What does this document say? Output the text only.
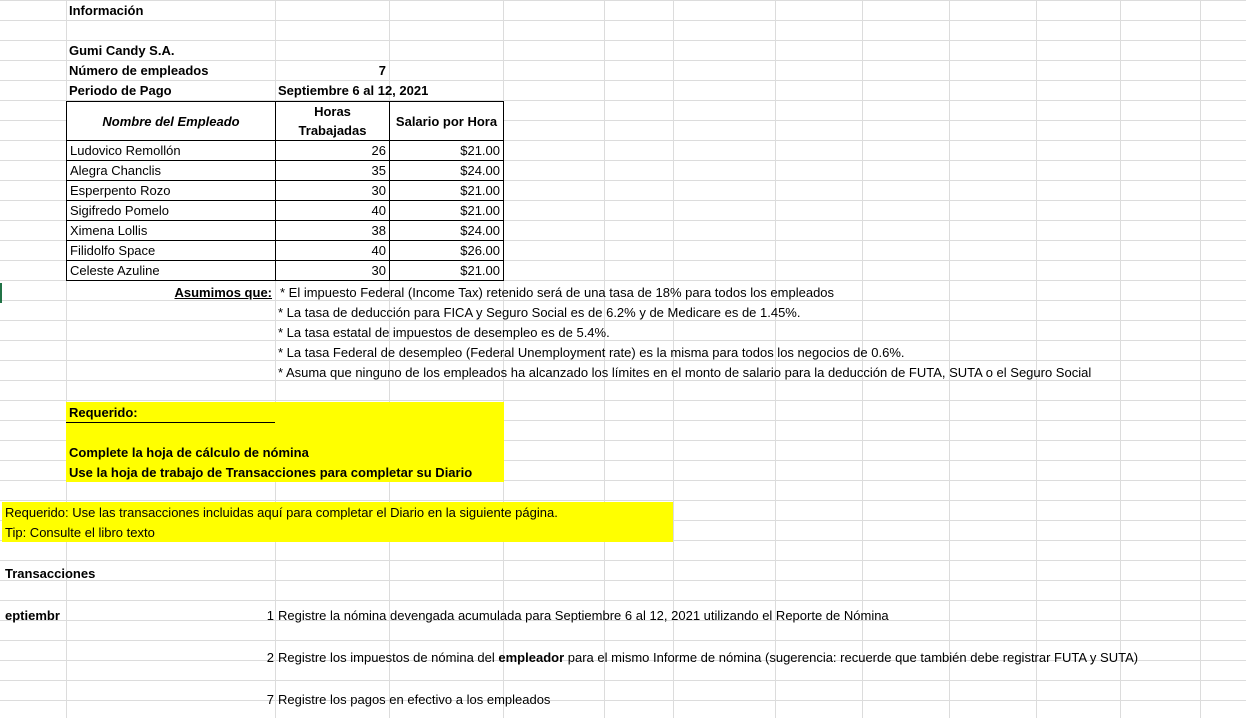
Información
Gumi Candy S.A.
Número de empleados	7
Periodo de Pago	Septiembre 6 al 12, 2021
Nombre del Empleado	Horas Trabajadas	Salario por Hora
Ludovico Remollón	26	$21.00
Alegra Chanclis	35	$24.00
Esperpento Rozo	30	$21.00
Sigifredo Pomelo	40	$21.00
Ximena Lollis	38	$24.00
Filidolfo Space	40	$26.00
Celeste Azuline	30	$21.00
Asumimos que: * El impuesto Federal (Income Tax) retenido será de una tasa de 18% para todos los empleados
* La tasa de deducción para FICA y Seguro Social es de 6.2% y de Medicare es de 1.45%.
* La tasa estatal de impuestos de desempleo es de 5.4%.
* La tasa Federal de desempleo (Federal Unemployment rate) es la misma para todos los negocios de 0.6%.
* Asuma que ninguno de los empleados ha alcanzado los límites en el monto de salario para la deducción de FUTA, SUTA o el Seguro Social
Requerido:
Complete la hoja de cálculo de nómina
Use la hoja de trabajo de Transacciones para completar su Diario
Requerido: Use las transacciones incluidas aquí para completar el Diario en la siguiente página.
Tip: Consulte el libro texto
Transacciones
eptiembr	1 Registre la nómina devengada acumulada para Septiembre 6 al 12, 2021 utilizando el Reporte de Nómina
2 Registre los impuestos de nómina del empleador para el mismo Informe de nómina (sugerencia: recuerde que también debe registrar FUTA y SUTA)
7 Registre los pagos en efectivo a los empleados
